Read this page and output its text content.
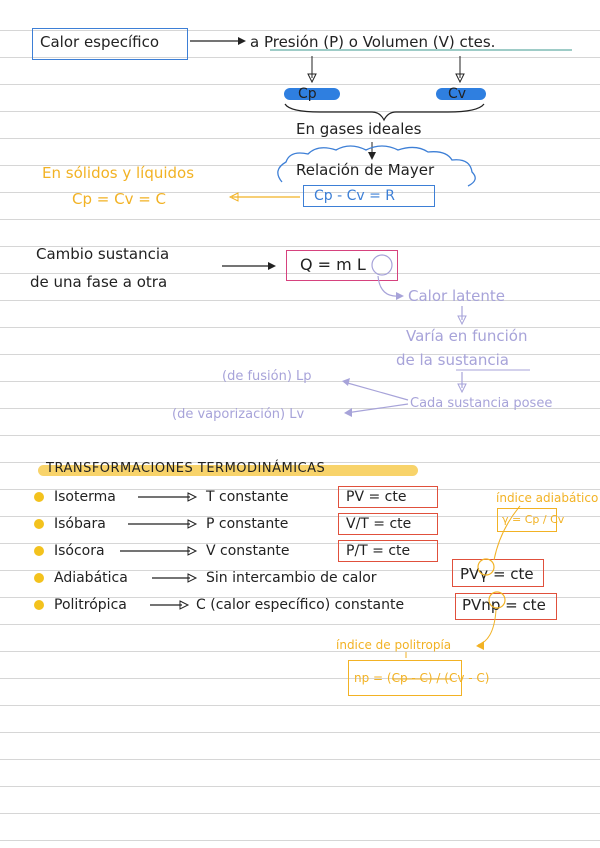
Calor específico	a Presión (P) o Volumen (V) ctes.
Cp	Cv
En gases ideales
Relación de Mayer
Cp - Cv = R
En sólidos y líquidos
Cp = Cv = C
Cambio sustancia
de una fase a otra
Q = m L
Calor latente
Varía en función
de la sustancia
Cada sustancia posee
(de fusión) Lp
(de vaporización) Lv
TRANSFORMACIONES TERMODINÁMICAS
Isoterma	T constante	PV = cte
Isóbara	P constante	V/T = cte
Isócora	V constante	P/T = cte
Adiabática	Sin intercambio de calor	PVγ = cte
Politrópica	C (calor específico) constante	PVnp = cte
índice adiabático
γ = Cp / Cv
índice de politropía
np = (Cp - C) / (Cv - C)
